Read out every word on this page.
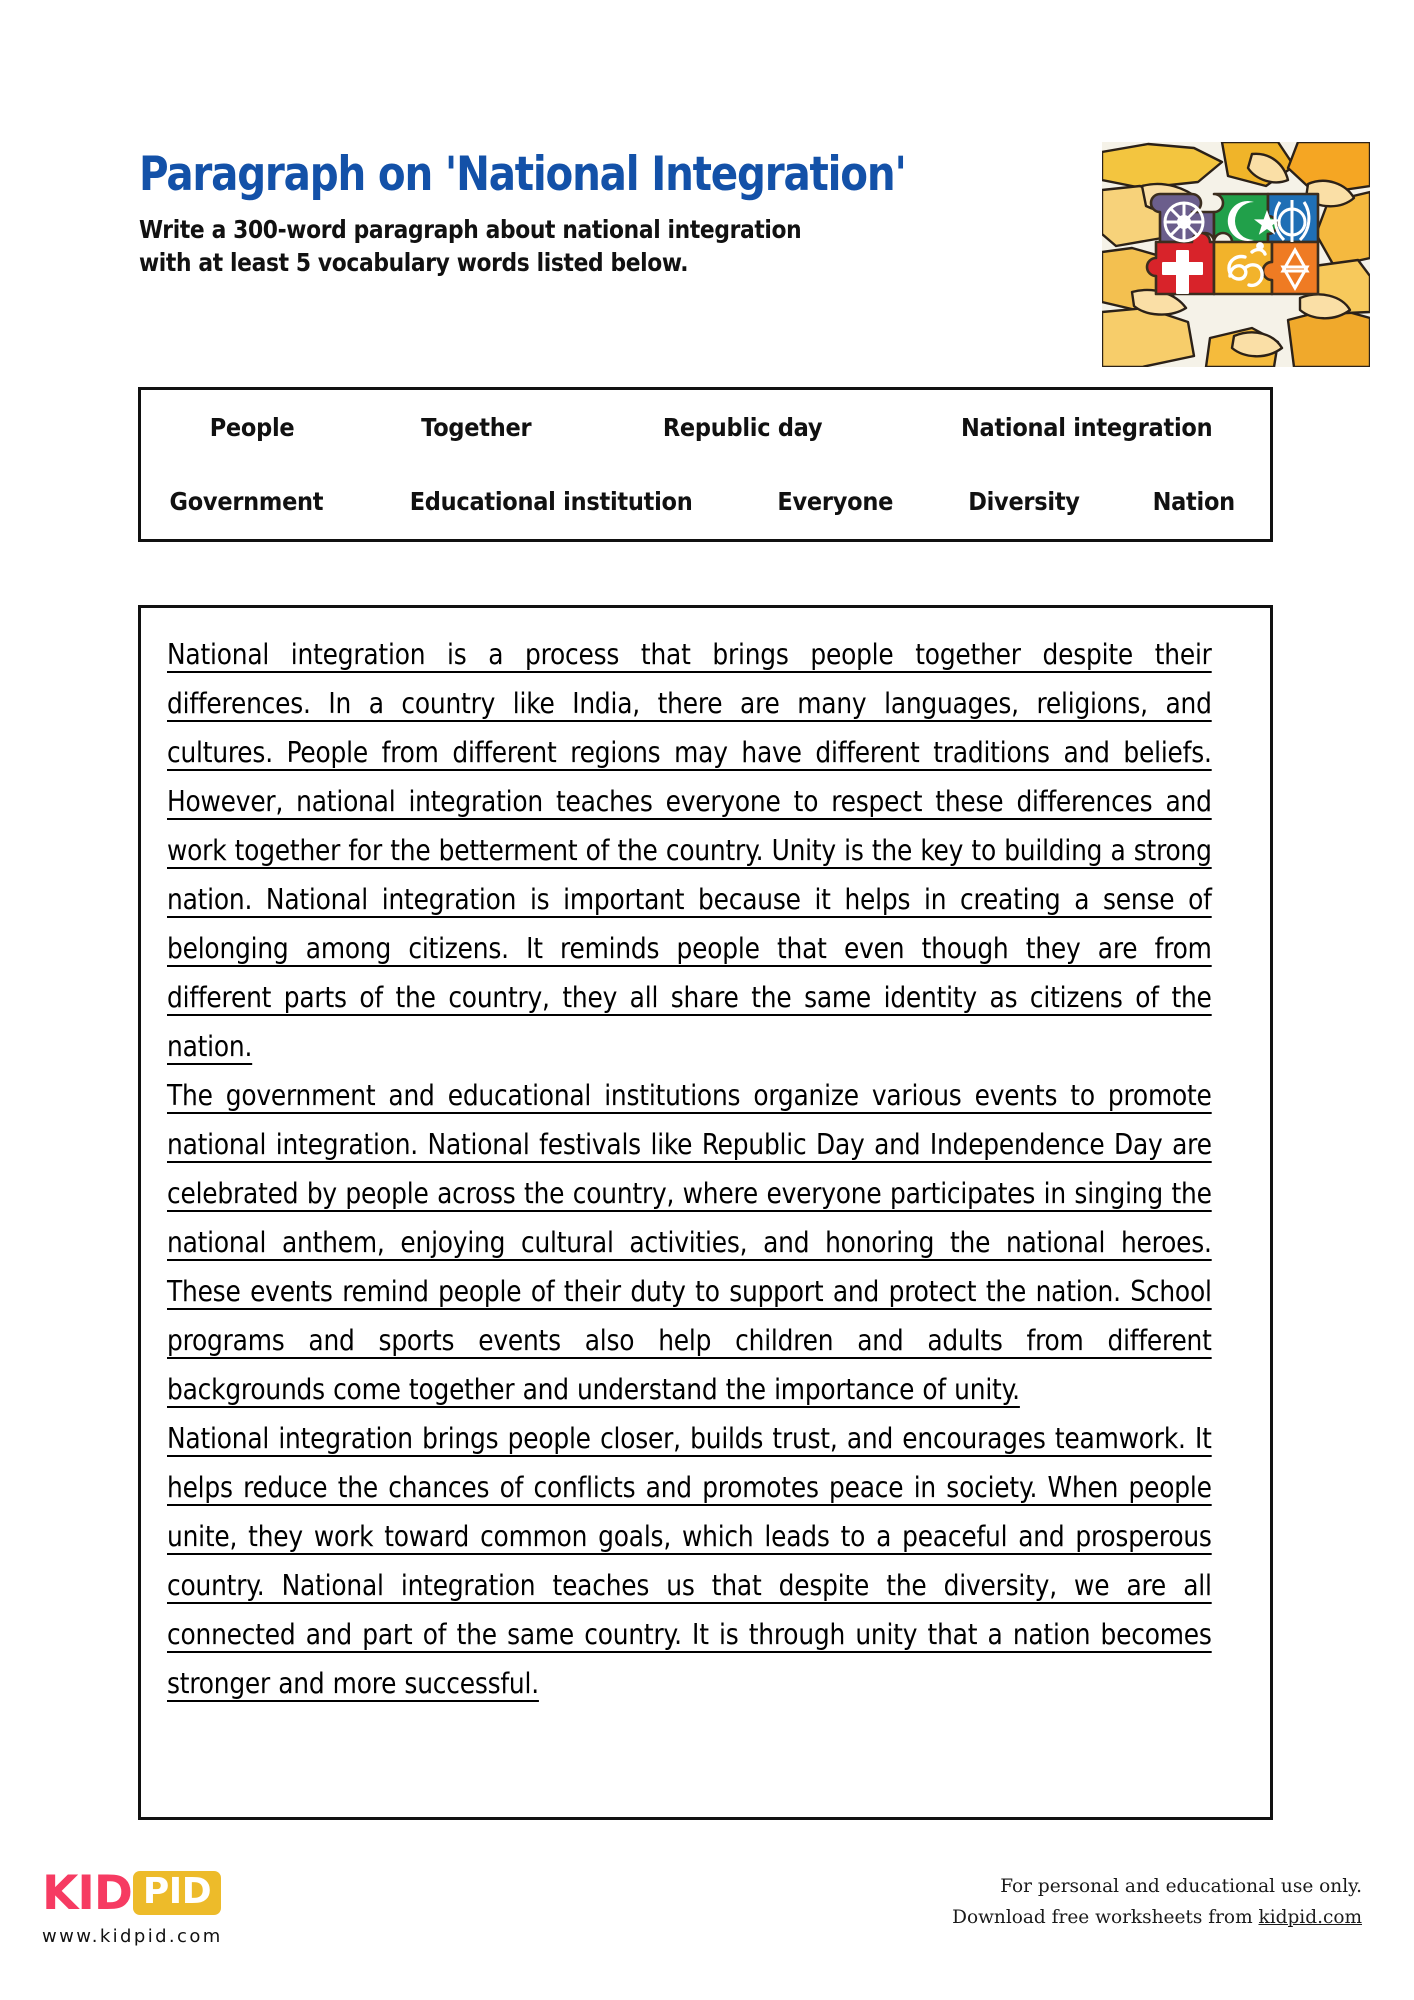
Paragraph on 'National Integration'
Write a 300-word paragraph about national integration
with at least 5 vocabulary words listed below.
People	Together	Republic day	National integration
Government	Educational institution	Everyone	Diversity	Nation

National integration is a process that brings people together despite their differences. In a country like India, there are many languages, religions, and cultures. People from different regions may have different traditions and beliefs. However, national integration teaches everyone to respect these differences and work together for the betterment of the country. Unity is the key to building a strong nation. National integration is important because it helps in creating a sense of belonging among citizens. It reminds people that even though they are from different parts of the country, they all share the same identity as citizens of the nation.

The government and educational institutions organize various events to promote national integration. National festivals like Republic Day and Independence Day are celebrated by people across the country, where everyone participates in singing the national anthem, enjoying cultural activities, and honoring the national heroes. These events remind people of their duty to support and protect the nation. School programs and sports events also help children and adults from different backgrounds come together and understand the importance of unity.

National integration brings people closer, builds trust, and encourages teamwork. It helps reduce the chances of conflicts and promotes peace in society. When people unite, they work toward common goals, which leads to a peaceful and prosperous country. National integration teaches us that despite the diversity, we are all connected and part of the same country. It is through unity that a nation becomes stronger and more successful.

KID PID
www.kidpid.com
For personal and educational use only.
Download free worksheets from kidpid.com
